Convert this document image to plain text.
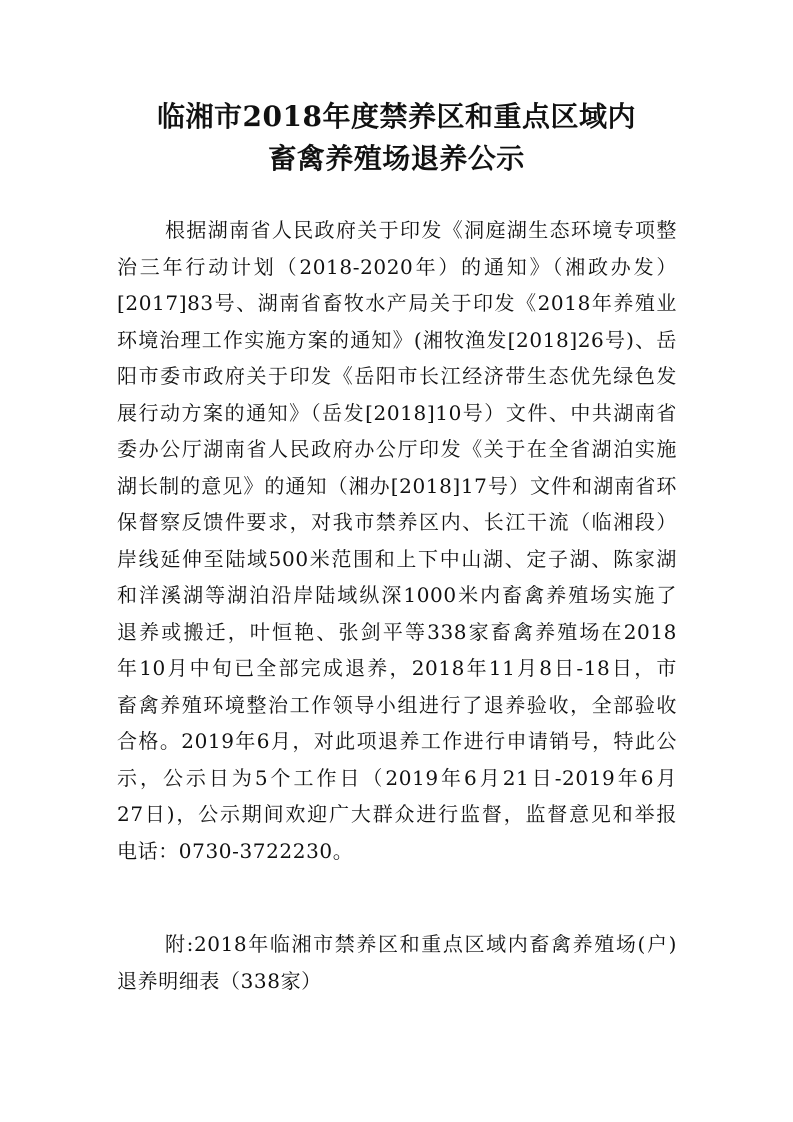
临湘市2018年度禁养区和重点区域内
畜禽养殖场退养公示
根据湖南省人民政府关于印发《洞庭湖生态环境专项整
治三年行动计划（2018-2020年）的通知》（湘政办发）
[2017]83号、湖南省畜牧水产局关于印发《2018年养殖业
环境治理工作实施方案的通知》(湘牧渔发[2018]26号)、岳
阳市委市政府关于印发《岳阳市长江经济带生态优先绿色发
展行动方案的通知》（岳发[2018]10号）文件、中共湖南省
委办公厅湖南省人民政府办公厅印发《关于在全省湖泊实施
湖长制的意见》的通知（湘办[2018]17号）文件和湖南省环
保督察反馈件要求，对我市禁养区内、长江干流（临湘段）
岸线延伸至陆域500米范围和上下中山湖、定子湖、陈家湖
和洋溪湖等湖泊沿岸陆域纵深1000米内畜禽养殖场实施了
退养或搬迁，叶恒艳、张剑平等338家畜禽养殖场在2018
年10月中旬已全部完成退养，2018年11月8日-18日，市
畜禽养殖环境整治工作领导小组进行了退养验收，全部验收
合格。2019年6月，对此项退养工作进行申请销号，特此公
示，公示日为5个工作日（2019年6月21日-2019年6月
27日)，公示期间欢迎广大群众进行监督，监督意见和举报
电话：0730-3722230。
附:2018年临湘市禁养区和重点区域内畜禽养殖场(户)
退养明细表（338家）
